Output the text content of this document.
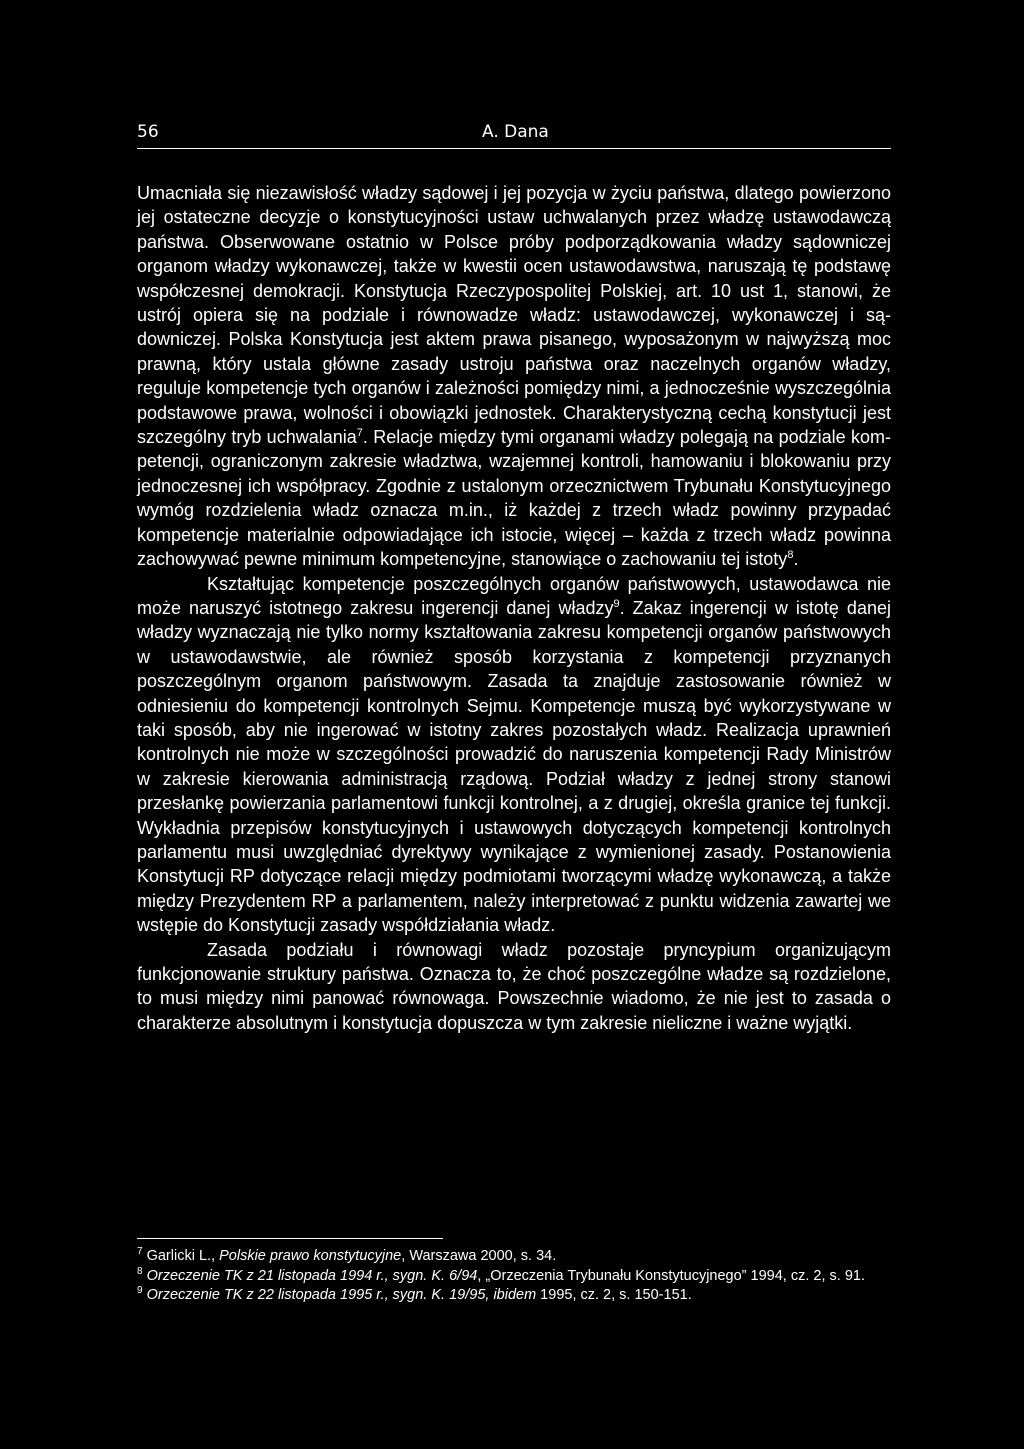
56	A. Dana

Umacniała się niezawisłość władzy sądowej i jej pozycja w życiu państwa, dlatego powierzono jej ostateczne decyzje o konstytucyjności ustaw uchwalanych przez władzę ustawodawczą państwa. Obserwowane ostatnio w Polsce próby podporządkowania władzy sądowniczej organom władzy wykonawczej, także w kwestii ocen ustawodawstwa, naruszają tę podstawę współczesnej demokracji. Konstytucja Rzeczypospolitej Polskiej, art. 10 ust 1, stanowi, że ustrój opiera się na podziale i równowadze władz: ustawodawczej, wykonawczej i sądowniczej. Polska Konstytucja jest aktem prawa pisanego, wyposażonym w najwyższą moc prawną, który ustala główne zasady ustroju państwa oraz naczelnych organów władzy, reguluje kompetencje tych organów i zależności pomiędzy nimi, a jednocześnie wyszczególnia podstawowe prawa, wolności i obowiązki jednostek. Charakterystyczną cechą konstytucji jest szczególny tryb uchwalania$^7$. Relacje między tymi organami władzy polegają na podziale kompetencji, ograniczonym zakresie władztwa, wzajemnej kontroli, hamowaniu i blokowaniu przy jednoczesnej ich współpracy. Zgodnie z ustalonym orzecznictwem Trybunału Konstytucyjnego wymóg rozdzielenia władz oznacza m.in., iż każdej z trzech władz powinny przypadać kompetencje materialnie odpowiadające ich istocie, więcej – każda z trzech władz powinna zachowywać pewne minimum kompetencyjne, stanowiące o zachowaniu tej istoty$^8$.

Kształtując kompetencje poszczególnych organów państwowych, ustawodawca nie może naruszyć istotnego zakresu ingerencji danej władzy$^9$. Zakaz ingerencji w istotę danej władzy wyznaczają nie tylko normy kształtowania zakresu kompetencji organów państwowych w ustawodawstwie, ale również sposób korzystania z kompetencji przyznanych poszczególnym organom państwowym. Zasada ta znajduje zastosowanie również w odniesieniu do kompetencji kontrolnych Sejmu. Kompetencje muszą być wykorzystywane w taki sposób, aby nie ingerować w istotny zakres pozostałych władz. Realizacja uprawnień kontrolnych nie może w szczególności prowadzić do naruszenia kompetencji Rady Ministrów w zakresie kierowania administracją rządową. Podział władzy z jednej strony stanowi przesłankę powierzania parlamentowi funkcji kontrolnej, a z drugiej, określa granice tej funkcji. Wykładnia przepisów konstytucyjnych i ustawowych dotyczących kompetencji kontrolnych parlamentu musi uwzględniać dyrektywy wynikające z wymienionej zasady. Postanowienia Konstytucji RP dotyczące relacji między podmiotami tworzącymi władzę wykonawczą, a także między Prezydentem RP a parlamentem, należy interpretować z punktu widzenia zawartej we wstępie do Konstytucji zasady współdziałania władz.

Zasada podziału i równowagi władz pozostaje pryncypium organizującym funkcjonowanie struktury państwa. Oznacza to, że choć poszczególne władze są rozdzielone, to musi między nimi panować równowaga. Powszechnie wiadomo, że nie jest to zasada o charakterze absolutnym i konstytucja dopuszcza w tym zakresie nieliczne i ważne wyjątki.

$^7$ Garlicki L., Polskie prawo konstytucyjne, Warszawa 2000, s. 34.

$^8$ Orzeczenie TK z 21 listopada 1994 r., sygn. K. 6/94, „Orzeczenia Trybunału Konstytucyjnego” 1994, cz. 2, s. 91.

$^9$ Orzeczenie TK z 22 listopada 1995 r., sygn. K. 19/95, ibidem 1995, cz. 2, s. 150-151.
